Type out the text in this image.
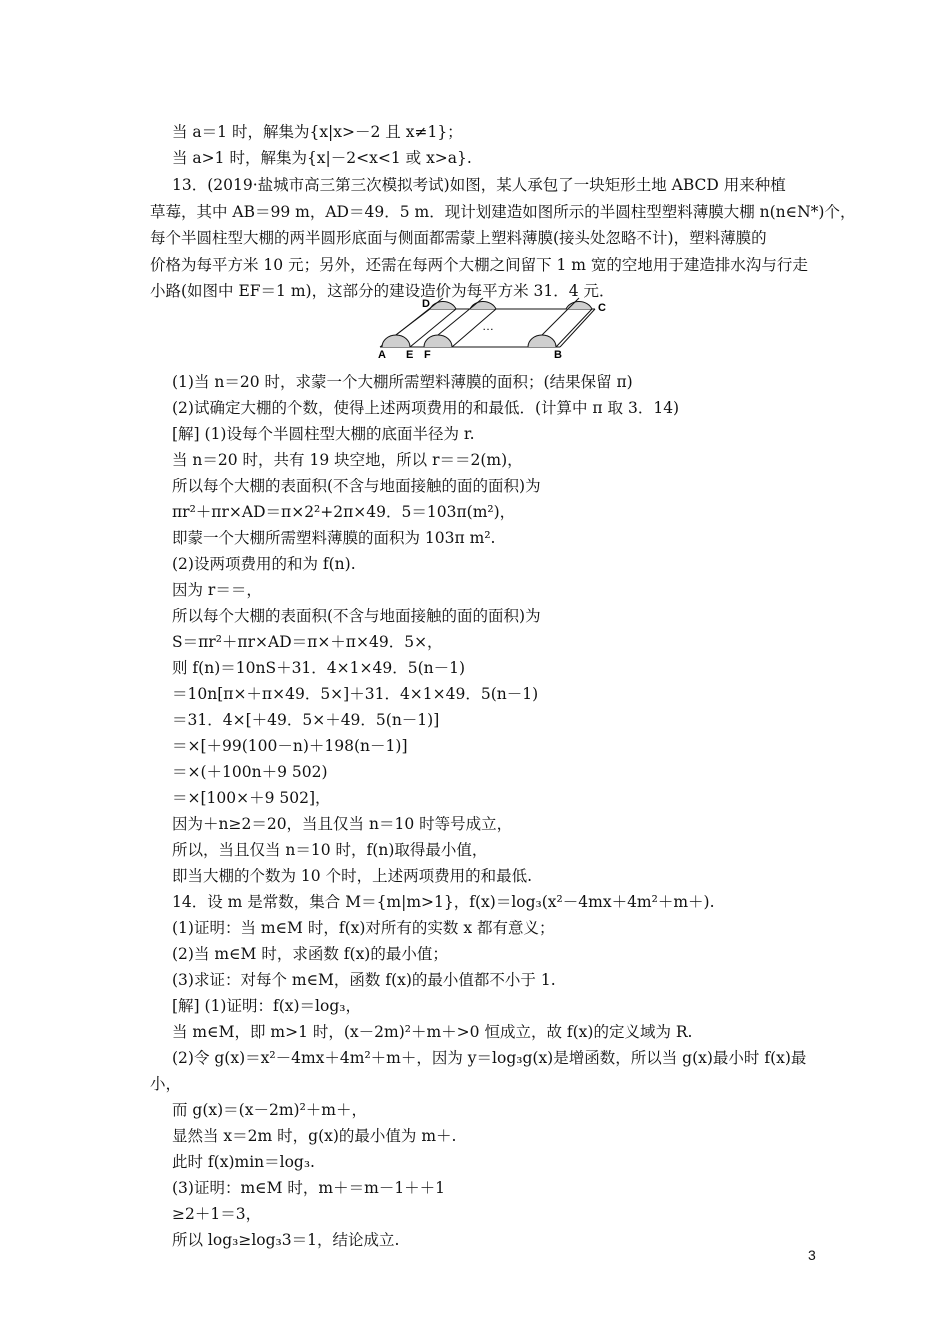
当 a＝1 时，解集为{x|x>－2 且 x≠1}；
当 a>1 时，解集为{x|－2<x<1 或 x>a}.
13．(2019·盐城市高三第三次模拟考试)如图，某人承包了一块矩形土地 ABCD 用来种植
草莓，其中 AB＝99 m，AD＝49．5 m．现计划建造如图所示的半圆柱型塑料薄膜大棚 n(n∈N*)个，
每个半圆柱型大棚的两半圆形底面与侧面都需蒙上塑料薄膜(接头处忽略不计)，塑料薄膜的
价格为每平方米 10 元；另外，还需在每两个大棚之间留下 1 m 宽的空地用于建造排水沟与行走
小路(如图中 EF＝1 m)，这部分的建设造价为每平方米 31．4 元．
(1)当 n＝20 时，求蒙一个大棚所需塑料薄膜的面积；(结果保留 π)
(2)试确定大棚的个数，使得上述两项费用的和最低．(计算中 π 取 3．14)
[解] (1)设每个半圆柱型大棚的底面半径为 r.
当 n＝20 时，共有 19 块空地，所以 r＝＝2(m)，
所以每个大棚的表面积(不含与地面接触的面的面积)为
πr²＋πr×AD＝π×2²+2π×49．5＝103π(m²)，
即蒙一个大棚所需塑料薄膜的面积为 103π m².
(2)设两项费用的和为 f(n).
因为 r＝＝，
所以每个大棚的表面积(不含与地面接触的面的面积)为
S＝πr²＋πr×AD＝π×＋π×49．5×，
则 f(n)＝10nS＋31．4×1×49．5(n－1)
＝10n[π×＋π×49．5×]＋31．4×1×49．5(n－1)
＝31．4×[＋49．5×＋49．5(n－1)]
＝×[＋99(100－n)＋198(n－1)]
＝×(＋100n＋9 502)
＝×[100×＋9 502]，
因为＋n≥2＝20，当且仅当 n＝10 时等号成立，
所以，当且仅当 n＝10 时，f(n)取得最小值，
即当大棚的个数为 10 个时，上述两项费用的和最低.
14．设 m 是常数，集合 M＝{m|m>1}，f(x)＝log₃(x²－4mx＋4m²＋m＋).
(1)证明：当 m∈M 时，f(x)对所有的实数 x 都有意义；
(2)当 m∈M 时，求函数 f(x)的最小值；
(3)求证：对每个 m∈M，函数 f(x)的最小值都不小于 1.
[解] (1)证明：f(x)＝log₃，
当 m∈M，即 m>1 时，(x－2m)²＋m＋>0 恒成立，故 f(x)的定义域为 R.
(2)令 g(x)＝x²－4mx＋4m²＋m＋，因为 y＝log₃g(x)是增函数，所以当 g(x)最小时 f(x)最
小，
而 g(x)＝(x－2m)²＋m＋，
显然当 x＝2m 时，g(x)的最小值为 m＋.
此时 f(x)min＝log₃.
(3)证明：m∈M 时，m＋＝m－1＋＋1
≥2＋1＝3，
所以 log₃≥log₃3＝1，结论成立.
D	C
A E F	B
…
3
